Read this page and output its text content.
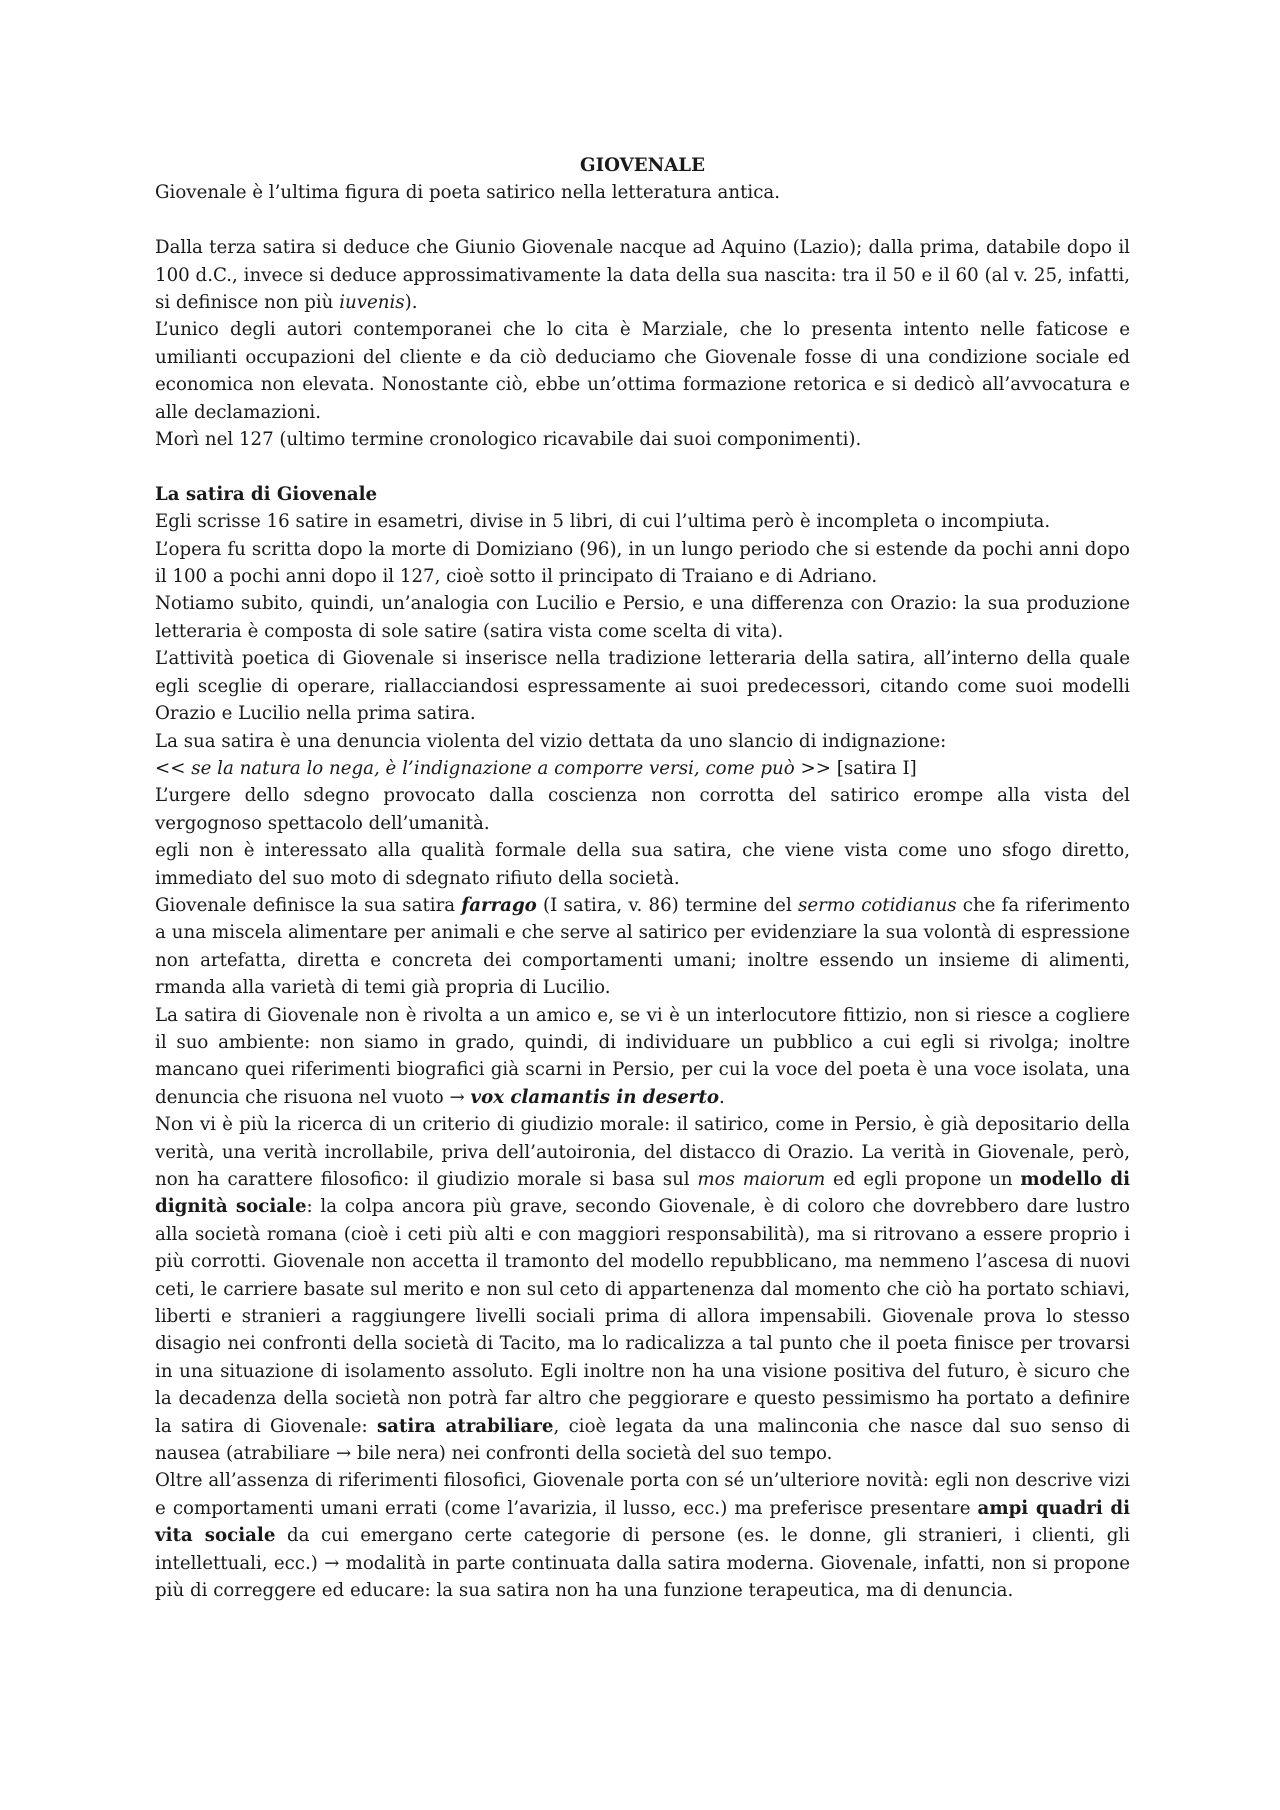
GIOVENALE

Giovenale è l’ultima figura di poeta satirico nella letteratura antica.

Dalla terza satira si deduce che Giunio Giovenale nacque ad Aquino (Lazio); dalla prima, databile dopo il 100 d.C., invece si deduce approssimativamente la data della sua nascita: tra il 50 e il 60 (al v. 25, infatti, si definisce non più iuvenis).

L’unico degli autori contemporanei che lo cita è Marziale, che lo presenta intento nelle faticose e umilianti occupazioni del cliente e da ciò deduciamo che Giovenale fosse di una condizione sociale ed economica non elevata. Nonostante ciò, ebbe un’ottima formazione retorica e si dedicò all’avvocatura e alle declamazioni.

Morì nel 127 (ultimo termine cronologico ricavabile dai suoi componimenti).

La satira di Giovenale

Egli scrisse 16 satire in esametri, divise in 5 libri, di cui l’ultima però è incompleta o incompiuta.

L’opera fu scritta dopo la morte di Domiziano (96), in un lungo periodo che si estende da pochi anni dopo il 100 a pochi anni dopo il 127, cioè sotto il principato di Traiano e di Adriano.

Notiamo subito, quindi, un’analogia con Lucilio e Persio, e una differenza con Orazio: la sua produzione letteraria è composta di sole satire (satira vista come scelta di vita).

L’attività poetica di Giovenale si inserisce nella tradizione letteraria della satira, all’interno della quale egli sceglie di operare, riallacciandosi espressamente ai suoi predecessori, citando come suoi modelli Orazio e Lucilio nella prima satira.

La sua satira è una denuncia violenta del vizio dettata da uno slancio di indignazione:

<< se la natura lo nega, è l’indignazione a comporre versi, come può >> [satira I]

L’urgere dello sdegno provocato dalla coscienza non corrotta del satirico erompe alla vista del vergognoso spettacolo dell’umanità.

egli non è interessato alla qualità formale della sua satira, che viene vista come uno sfogo diretto, immediato del suo moto di sdegnato rifiuto della società.

Giovenale definisce la sua satira farrago (I satira, v. 86) termine del sermo cotidianus che fa riferimento a una miscela alimentare per animali e che serve al satirico per evidenziare la sua volontà di espressione non artefatta, diretta e concreta dei comportamenti umani; inoltre essendo un insieme di alimenti, rmanda alla varietà di temi già propria di Lucilio.

La satira di Giovenale non è rivolta a un amico e, se vi è un interlocutore fittizio, non si riesce a cogliere il suo ambiente: non siamo in grado, quindi, di individuare un pubblico a cui egli si rivolga; inoltre mancano quei riferimenti biografici già scarni in Persio, per cui la voce del poeta è una voce isolata, una denuncia che risuona nel vuoto → vox clamantis in deserto.

Non vi è più la ricerca di un criterio di giudizio morale: il satirico, come in Persio, è già depositario della verità, una verità incrollabile, priva dell’autoironia, del distacco di Orazio. La verità in Giovenale, però, non ha carattere filosofico: il giudizio morale si basa sul mos maiorum ed egli propone un modello di dignità sociale: la colpa ancora più grave, secondo Giovenale, è di coloro che dovrebbero dare lustro alla società romana (cioè i ceti più alti e con maggiori responsabilità), ma si ritrovano a essere proprio i più corrotti. Giovenale non accetta il tramonto del modello repubblicano, ma nemmeno l’ascesa di nuovi ceti, le carriere basate sul merito e non sul ceto di appartenenza dal momento che ciò ha portato schiavi, liberti e stranieri a raggiungere livelli sociali prima di allora impensabili. Giovenale prova lo stesso disagio nei confronti della società di Tacito, ma lo radicalizza a tal punto che il poeta finisce per trovarsi in una situazione di isolamento assoluto. Egli inoltre non ha una visione positiva del futuro, è sicuro che la decadenza della società non potrà far altro che peggiorare e questo pessimismo ha portato a definire la satira di Giovenale: satira atrabiliare, cioè legata da una malinconia che nasce dal suo senso di nausea (atrabiliare → bile nera) nei confronti della società del suo tempo.

Oltre all’assenza di riferimenti filosofici, Giovenale porta con sé un’ulteriore novità: egli non descrive vizi e comportamenti umani errati (come l’avarizia, il lusso, ecc.) ma preferisce presentare ampi quadri di vita sociale da cui emergano certe categorie di persone (es. le donne, gli stranieri, i clienti, gli intellettuali, ecc.) → modalità in parte continuata dalla satira moderna. Giovenale, infatti, non si propone più di correggere ed educare: la sua satira non ha una funzione terapeutica, ma di denuncia.
